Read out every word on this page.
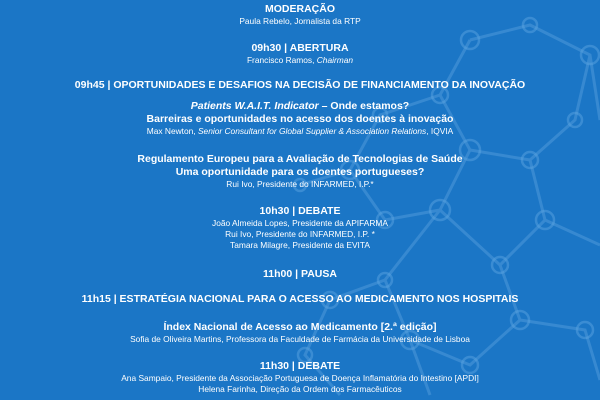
MODERAÇÃO
Paula Rebelo, Jornalista da RTP
09h30 | ABERTURA
Francisco Ramos, Chairman
09h45 | OPORTUNIDADES E DESAFIOS NA DECISÃO DE FINANCIAMENTO DA INOVAÇÃO
Patients W.A.I.T. Indicator – Onde estamos?
Barreiras e oportunidades no acesso dos doentes à inovação
Max Newton, Senior Consultant for Global Supplier & Association Relations, IQVIA
Regulamento Europeu para a Avaliação de Tecnologias de Saúde
Uma oportunidade para os doentes portugueses?
Rui Ivo, Presidente do INFARMED, I.P.*
10h30 | DEBATE
João Almeida Lopes, Presidente da APIFARMA
Rui Ivo, Presidente do INFARMED, I.P. *
Tamara Milagre, Presidente da EVITA
11h00 | PAUSA
11h15 | ESTRATÉGIA NACIONAL PARA O ACESSO AO MEDICAMENTO NOS HOSPITAIS
Índex Nacional de Acesso ao Medicamento [2.ª edição]
Sofia de Oliveira Martins, Professora da Faculdade de Farmácia da Universidade de Lisboa
11h30 | DEBATE
Ana Sampaio, Presidente da Associação Portuguesa de Doença Inflamatória do Intestino [APDI]
Helena Farinha, Direção da Ordem dos Farmacêuticos
